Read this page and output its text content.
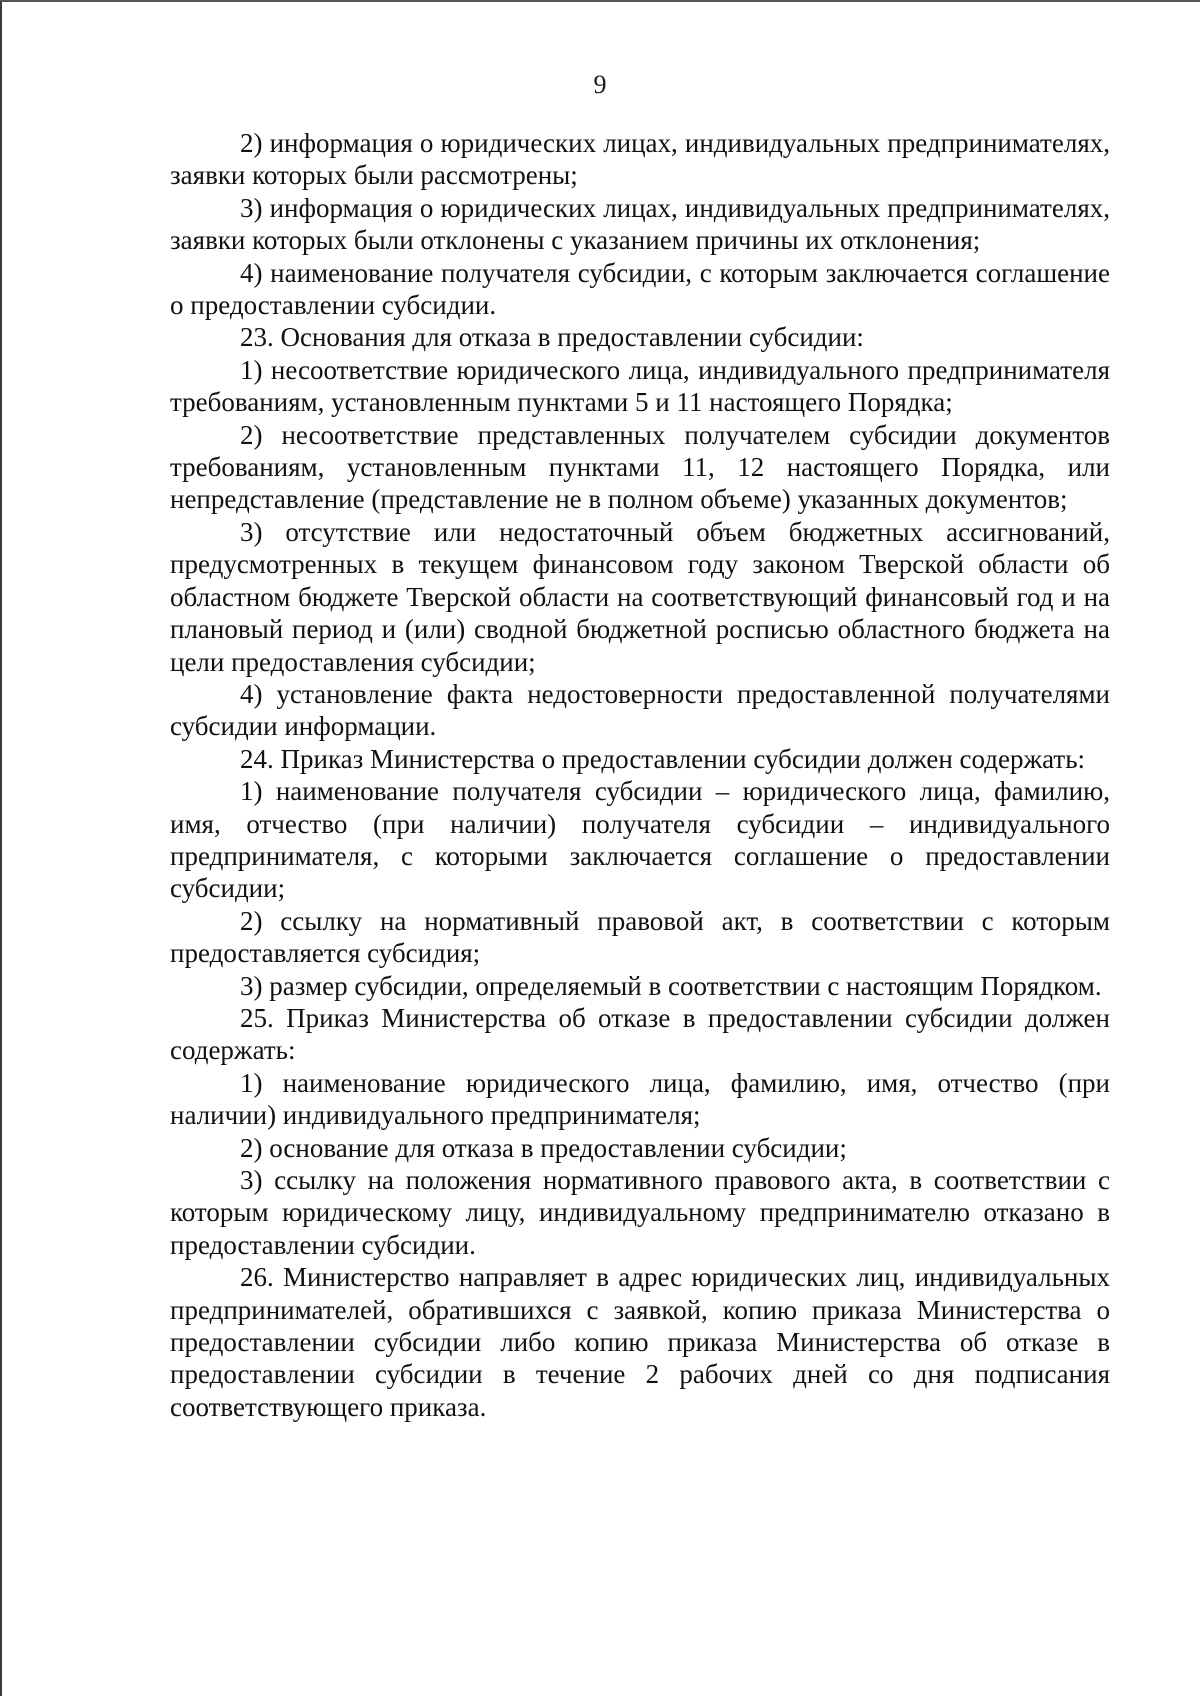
9

2) информация о юридических лицах, индивидуальных предпринимателях, заявки которых были рассмотрены;

3) информация о юридических лицах, индивидуальных предпринимателях, заявки которых были отклонены с указанием причины их отклонения;

4) наименование получателя субсидии, с которым заключается соглашение о предоставлении субсидии.

23. Основания для отказа в предоставлении субсидии:

1) несоответствие юридического лица, индивидуального предпринимателя требованиям, установленным пунктами 5 и 11 настоящего Порядка;

2) несоответствие представленных получателем субсидии документов требованиям, установленным пунктами 11, 12 настоящего Порядка, или непредставление (представление не в полном объеме) указанных документов;

3) отсутствие или недостаточный объем бюджетных ассигнований, предусмотренных в текущем финансовом году законом Тверской области об областном бюджете Тверской области на соответствующий финансовый год и на плановый период и (или) сводной бюджетной росписью областного бюджета на цели предоставления субсидии;

4) установление факта недостоверности предоставленной получателями субсидии информации.

24. Приказ Министерства о предоставлении субсидии должен содержать:

1) наименование получателя субсидии – юридического лица, фамилию, имя, отчество (при наличии) получателя субсидии – индивидуального предпринимателя, с которыми заключается соглашение о предоставлении субсидии;

2) ссылку на нормативный правовой акт, в соответствии с которым предоставляется субсидия;

3) размер субсидии, определяемый в соответствии с настоящим Порядком.

25. Приказ Министерства об отказе в предоставлении субсидии должен содержать:

1) наименование юридического лица, фамилию, имя, отчество (при наличии) индивидуального предпринимателя;

2) основание для отказа в предоставлении субсидии;

3) ссылку на положения нормативного правового акта, в соответствии с которым юридическому лицу, индивидуальному предпринимателю отказано в предоставлении субсидии.

26. Министерство направляет в адрес юридических лиц, индивидуальных предпринимателей, обратившихся с заявкой, копию приказа Министерства о предоставлении субсидии либо копию приказа Министерства об отказе в предоставлении субсидии в течение 2 рабочих дней со дня подписания соответствующего приказа.
